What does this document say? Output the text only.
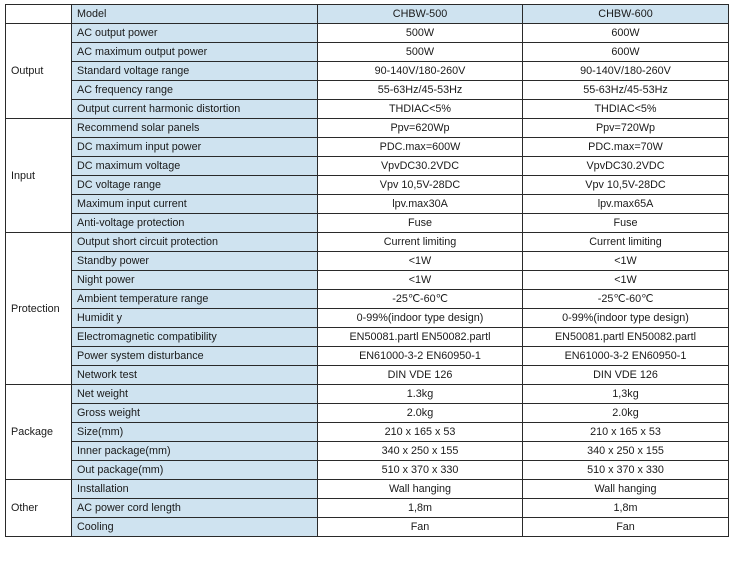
	Model	CHBW-500	CHBW-600
Output	AC output power	500W	600W
	AC maximum output power	500W	600W
	Standard voltage range	90-140V/180-260V	90-140V/180-260V
	AC frequency range	55-63Hz/45-53Hz	55-63Hz/45-53Hz
	Output current harmonic distortion	THDIAC<5%	THDIAC<5%
Input	Recommend solar panels	Ppv=620Wp	Ppv=720Wp
	DC maximum input power	PDC.max=600W	PDC.max=70W
	DC maximum voltage	VpvDC30.2VDC	VpvDC30.2VDC
	DC voltage range	Vpv 10,5V-28DC	Vpv 10,5V-28DC
	Maximum input current	lpv.max30A	lpv.max65A
	Anti-voltage protection	Fuse	Fuse
Protection	Output short circuit protection	Current limiting	Current limiting
	Standby power	<1W	<1W
	Night power	<1W	<1W
	Ambient temperature range	-25℃-60℃	-25℃-60℃
	Humidit y	0-99%(indoor type design)	0-99%(indoor type design)
	Electromagnetic compatibility	EN50081.partl EN50082.partl	EN50081.partl EN50082.partl
	Power system disturbance	EN61000-3-2 EN60950-1	EN61000-3-2 EN60950-1
	Network test	DIN VDE 126	DIN VDE 126
Package	Net weight	1.3kg	1,3kg
	Gross weight	2.0kg	2.0kg
	Size(mm)	210 x 165 x 53	210 x 165 x 53
	Inner package(mm)	340 x 250 x 155	340 x 250 x 155
	Out package(mm)	510 x 370 x 330	510 x 370 x 330
Other	Installation	Wall hanging	Wall hanging
	AC power cord length	1,8m	1,8m
	Cooling	Fan	Fan
